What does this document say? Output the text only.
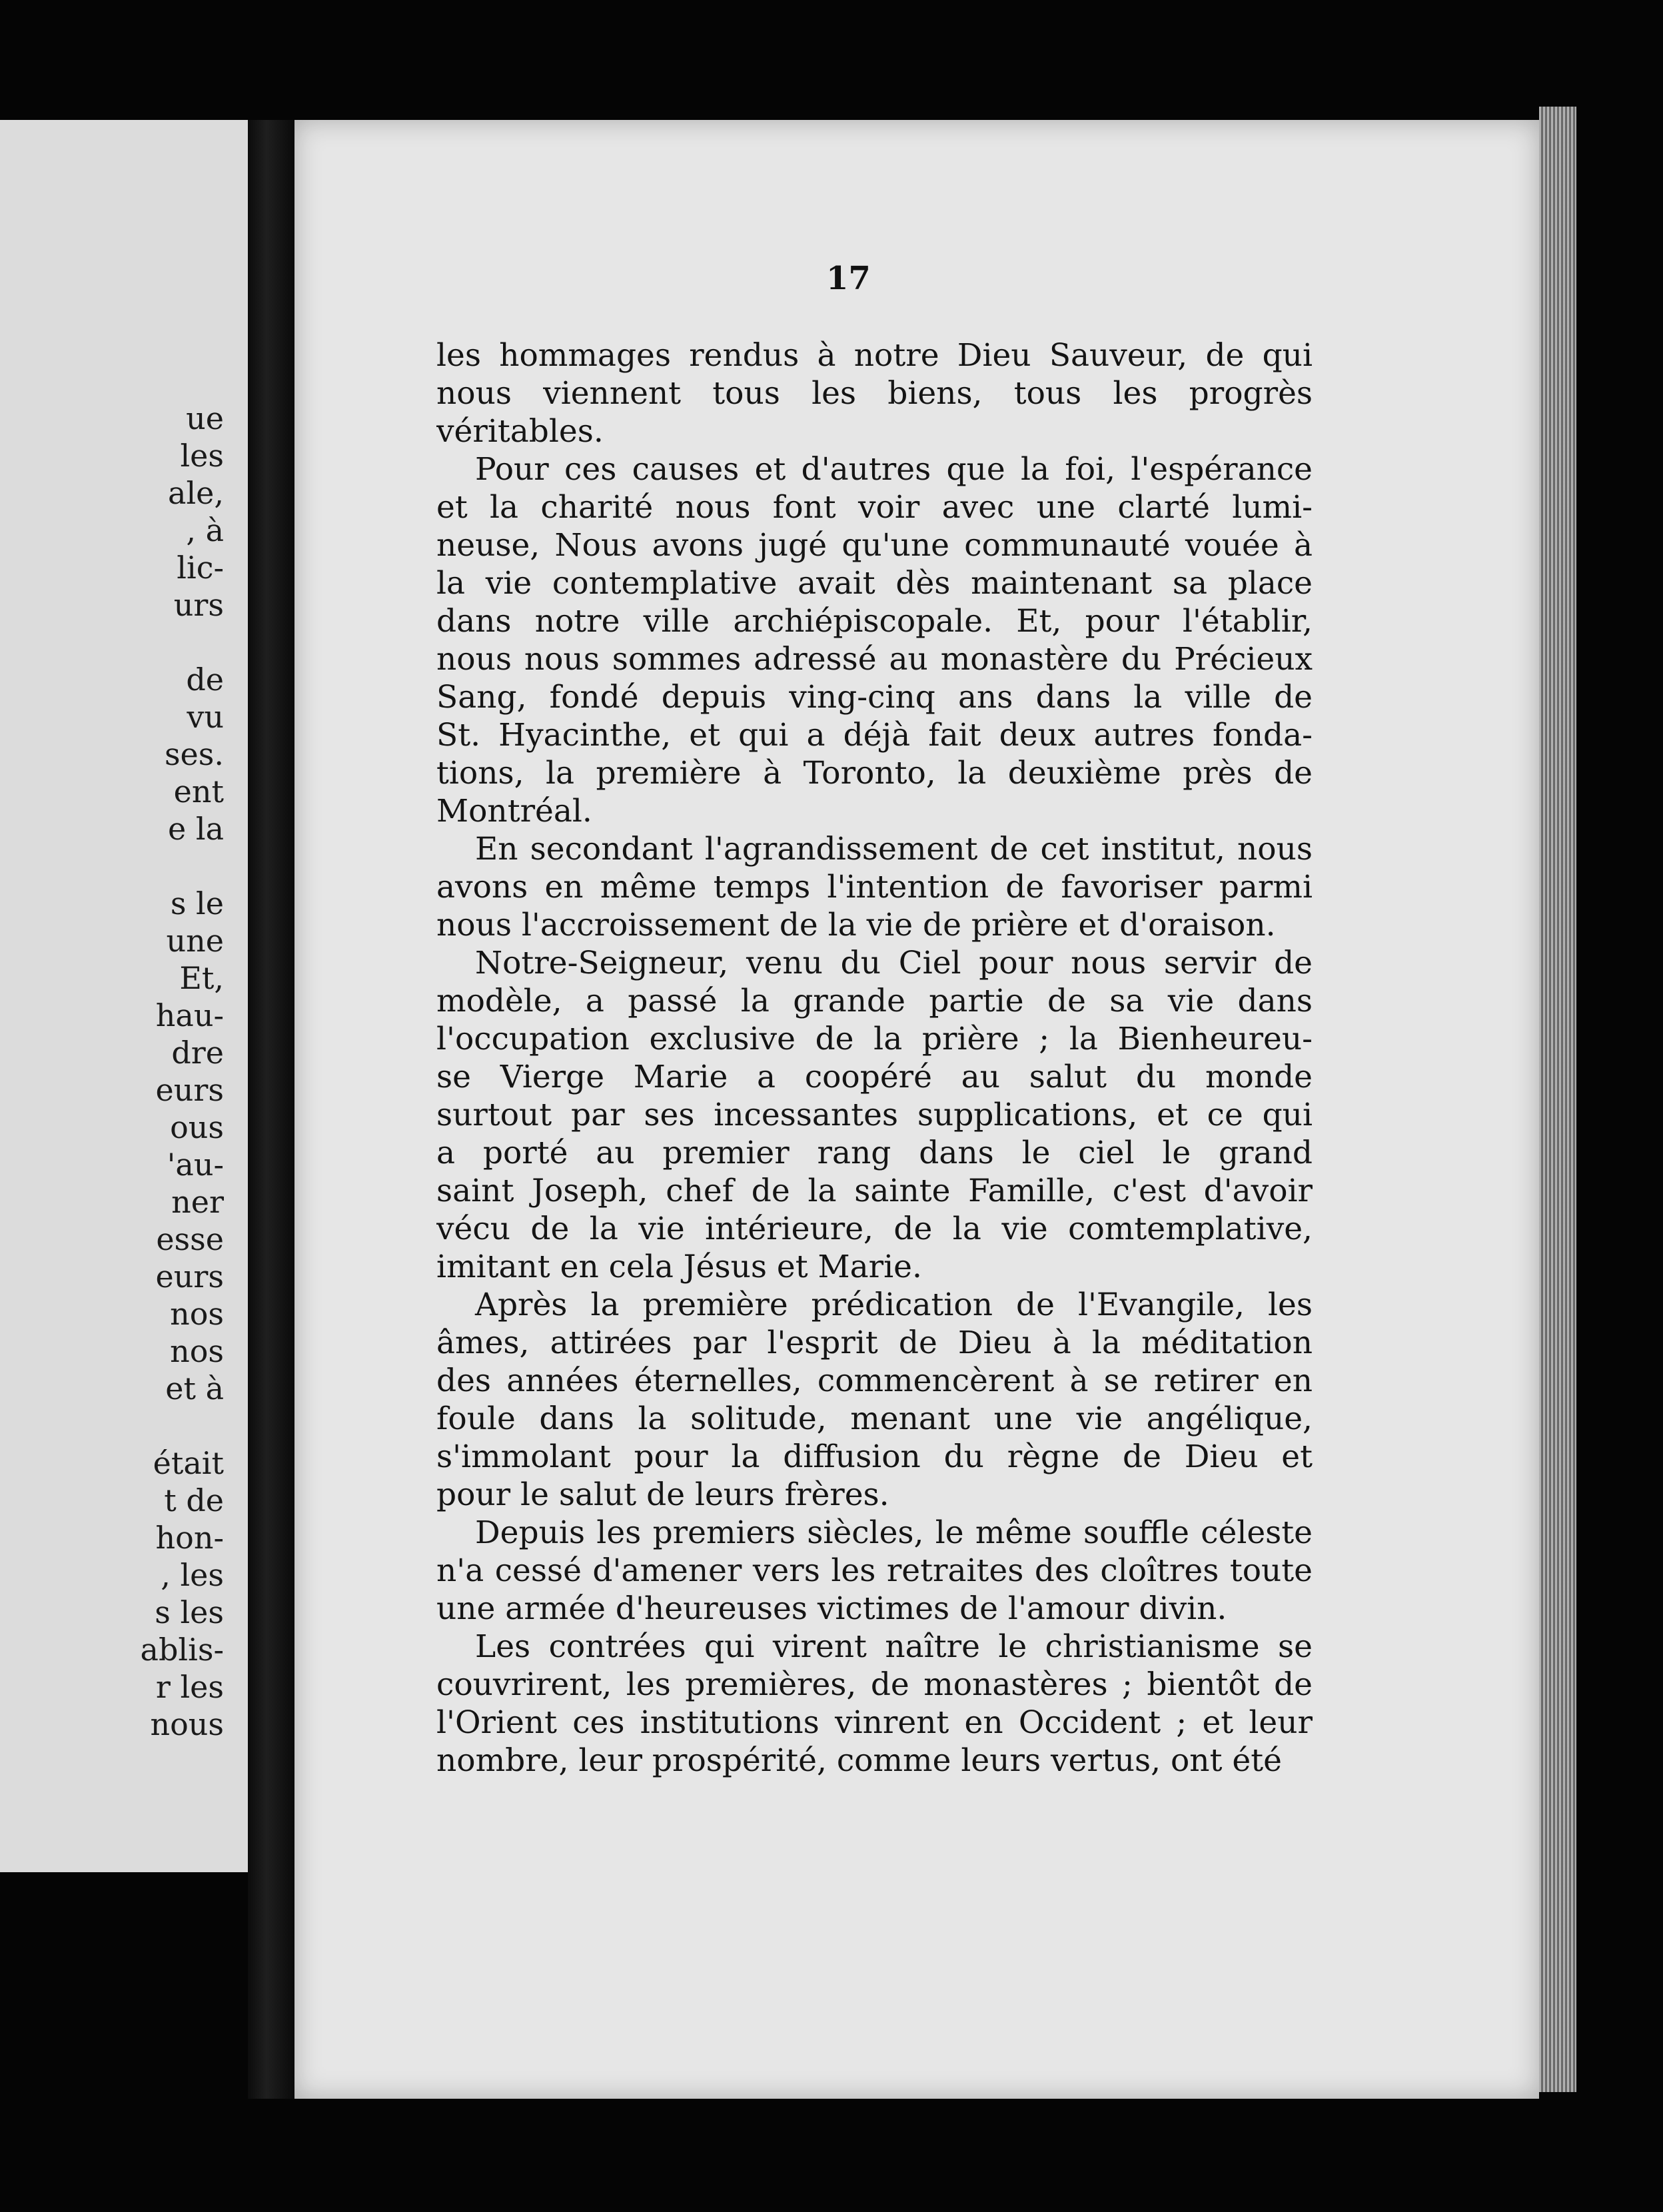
ue
les
ale,
, à
lic-
urs
de
vu
ses.
ent
e la
s le
une
Et,
hau-
dre
eurs
ous
'au-
ner
esse
eurs
nos
nos
et à
était
t de
hon-
, les
s les
ablis-
r les
nous
17
les hommages rendus à notre Dieu Sauveur, de qui
nous viennent tous les biens, tous les progrès
véritables.
Pour ces causes et d'autres que la foi, l'espérance
et la charité nous font voir avec une clarté lumi-
neuse, Nous avons jugé qu'une communauté vouée à
la vie contemplative avait dès maintenant sa place
dans notre ville archiépiscopale. Et, pour l'établir,
nous nous sommes adressé au monastère du Précieux
Sang, fondé depuis ving-cinq ans dans la ville de
St. Hyacinthe, et qui a déjà fait deux autres fonda-
tions, la première à Toronto, la deuxième près de
Montréal.
En secondant l'agrandissement de cet institut, nous
avons en même temps l'intention de favoriser parmi
nous l'accroissement de la vie de prière et d'oraison.
Notre-Seigneur, venu du Ciel pour nous servir de
modèle, a passé la grande partie de sa vie dans
l'occupation exclusive de la prière ; la Bienheureu-
se Vierge Marie a coopéré au salut du monde
surtout par ses incessantes supplications, et ce qui
a porté au premier rang dans le ciel le grand
saint Joseph, chef de la sainte Famille, c'est d'avoir
vécu de la vie intérieure, de la vie comtemplative,
imitant en cela Jésus et Marie.
Après la première prédication de l'Evangile, les
âmes, attirées par l'esprit de Dieu à la méditation
des années éternelles, commencèrent à se retirer en
foule dans la solitude, menant une vie angélique,
s'immolant pour la diffusion du règne de Dieu et
pour le salut de leurs frères.
Depuis les premiers siècles, le même souffle céleste
n'a cessé d'amener vers les retraites des cloîtres toute
une armée d'heureuses victimes de l'amour divin.
Les contrées qui virent naître le christianisme se
couvrirent, les premières, de monastères ; bientôt de
l'Orient ces institutions vinrent en Occident ; et leur
nombre, leur prospérité, comme leurs vertus, ont été
